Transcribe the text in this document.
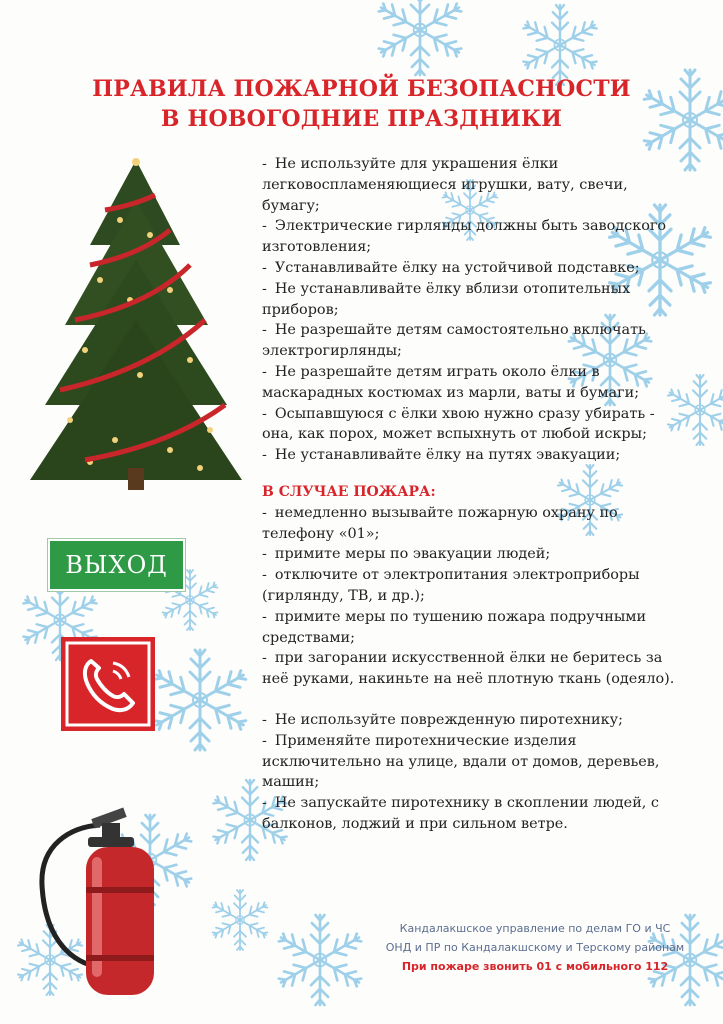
ПРАВИЛА ПОЖАРНОЙ БЕЗОПАСНОСТИ
В НОВОГОДНИЕ ПРАЗДНИКИ

- Не используйте для украшения ёлки легковоспламеняющиеся игрушки, вату, свечи, бумагу;

- Электрические гирлянды должны быть заводского изготовления;

- Устанавливайте ёлку на устойчивой подставке;

- Не устанавливайте ёлку вблизи отопительных приборов;

- Не разрешайте детям самостоятельно включать электрогирлянды;

- Не разрешайте детям играть около ёлки в маскарадных костюмах из марли, ваты и бумаги;

- Осыпавшуюся с ёлки хвою нужно сразу убирать - она, как порох, может вспыхнуть от любой искры;

- Не устанавливайте ёлку на путях эвакуации;

В СЛУЧАЕ ПОЖАРА:

- немедленно вызывайте пожарную охрану по телефону «01»;

- примите меры по эвакуации людей;

- отключите от электропитания электроприборы (гирлянду, ТВ, и др.);

- примите меры по тушению пожара подручными средствами;

- при загорании искусственной ёлки не беритесь за неё руками, накиньте на неё плотную ткань (одеяло).

- Не используйте поврежденную пиротехнику;

- Применяйте пиротехнические изделия исключительно на улице, вдали от домов, деревьев, машин;

- Не запускайте пиротехнику в скоплении людей, с балконов, лоджий и при сильном ветре.

ВЫХОД
Кандалакшское управление по делам ГО и ЧС
ОНД и ПР по Кандалакшскому и Терскому районам
При пожаре звонить 01 с мобильного 112
